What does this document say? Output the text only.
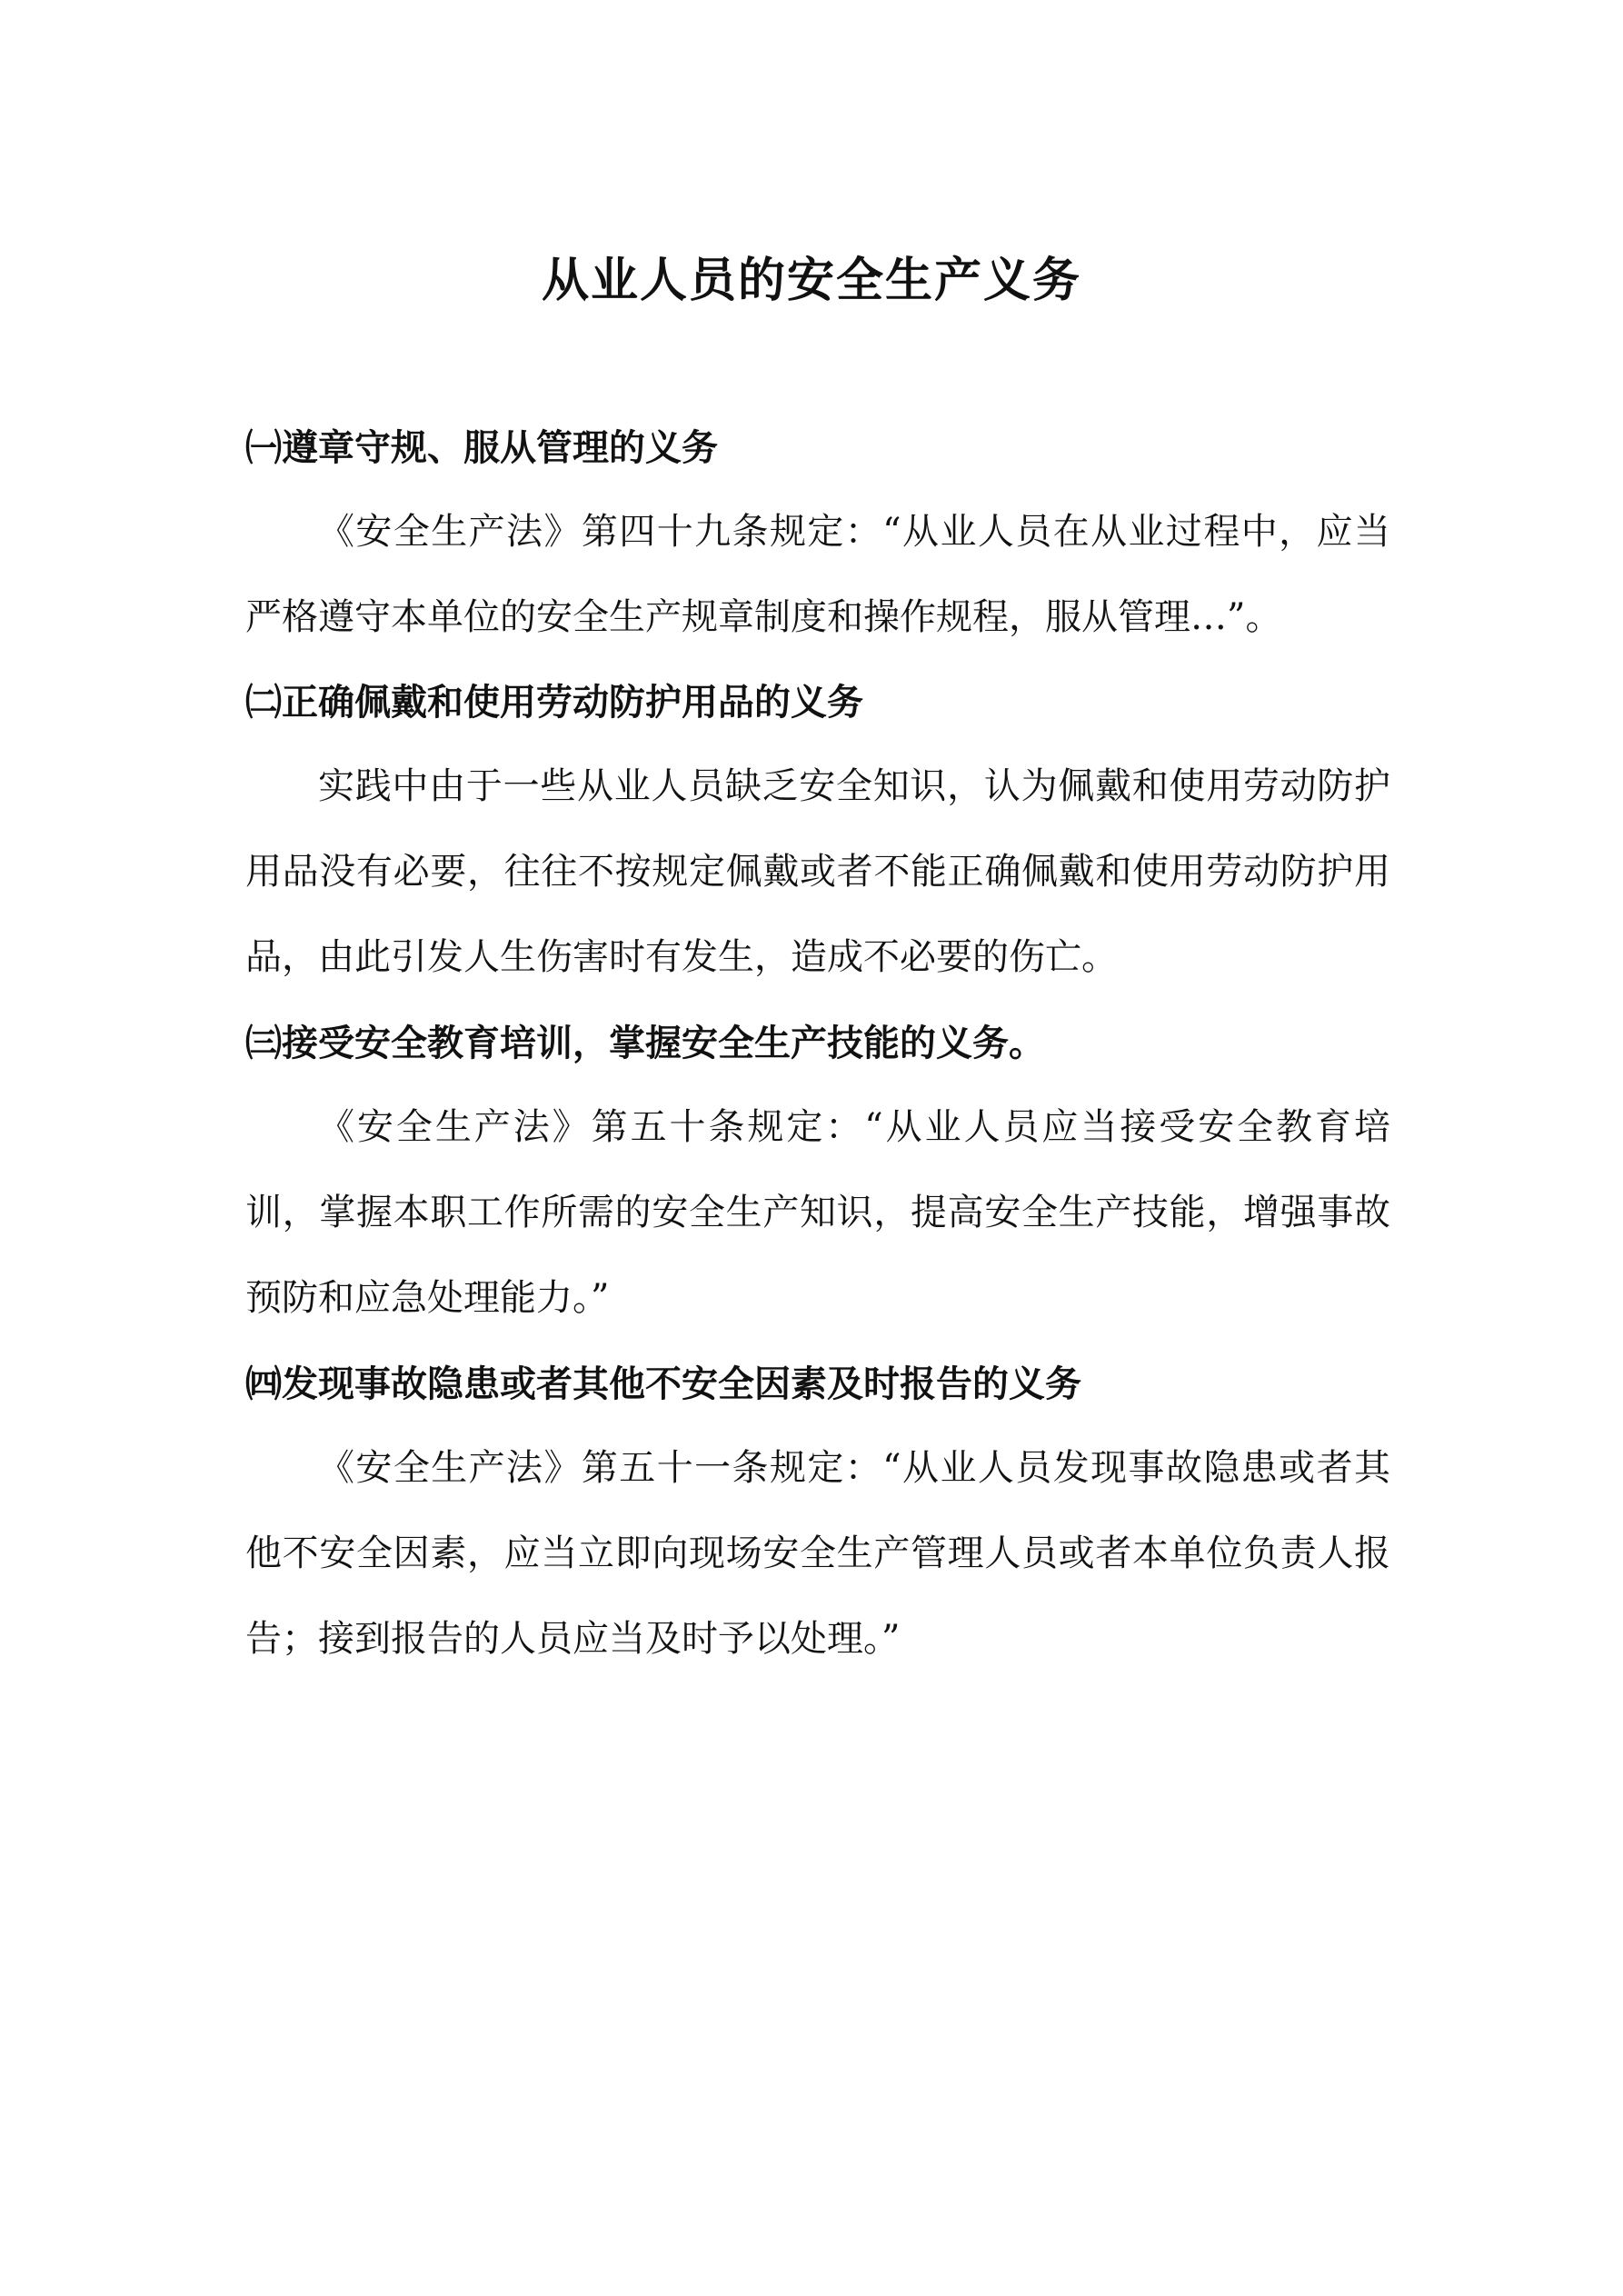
从业人员的安全生产义务

㈠遵章守规、服从管理的义务

《安全生产法》第四十九条规定：“从业人员在从业过程中，应当严格遵守本单位的安全生产规章制度和操作规程，服从管理…”。

㈡正确佩戴和使用劳动防护用品的义务

实践中由于一些从业人员缺乏安全知识，认为佩戴和使用劳动防护用品没有必要，往往不按规定佩戴或者不能正确佩戴和使用劳动防护用品，由此引发人生伤害时有发生，造成不必要的伤亡。

㈢接受安全教育培训，掌握安全生产技能的义务。

《安全生产法》第五十条规定：“从业人员应当接受安全教育培训，掌握本职工作所需的安全生产知识，提高安全生产技能，增强事故预防和应急处理能力。”

㈣发现事故隐患或者其他不安全因素及时报告的义务

《安全生产法》第五十一条规定：“从业人员发现事故隐患或者其他不安全因素，应当立即向现场安全生产管理人员或者本单位负责人报告；接到报告的人员应当及时予以处理。”
